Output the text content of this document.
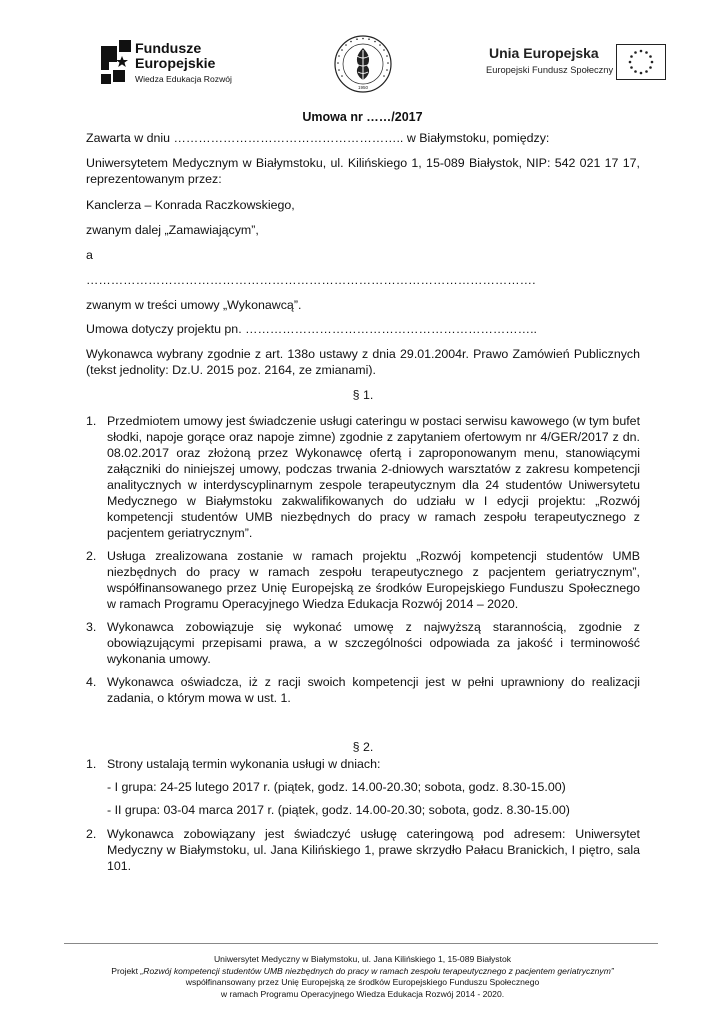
Fundusze
Europejskie
Wiedza Edukacja Rozwój
1950
Unia Europejska
Europejski Fundusz Społeczny
Umowa nr ……/2017
Zawarta w dniu ……………………………………………….. w Białymstoku, pomiędzy:
Uniwersytetem Medycznym w Białymstoku, ul. Kilińskiego 1, 15-089 Białystok, NIP: 542 021 17 17, reprezentowanym przez:
Kanclerza – Konrada Raczkowskiego,
zwanym dalej „Zamawiającym”,
a
……………………………………………………………………………………………….
zwanym w treści umowy „Wykonawcą”.
Umowa dotyczy projektu pn. ……………………………………………………………..
Wykonawca wybrany zgodnie z art. 138o ustawy z dnia 29.01.2004r. Prawo Zamówień Publicznych (tekst jednolity: Dz.U. 2015 poz. 2164, ze zmianami).
§ 1.
1. Przedmiotem umowy jest świadczenie usługi cateringu w postaci serwisu kawowego (w tym bufet słodki, napoje gorące oraz napoje zimne) zgodnie z zapytaniem ofertowym nr 4/GER/2017 z dn. 08.02.2017 oraz złożoną przez Wykonawcę ofertą i zaproponowanym menu, stanowiącymi załączniki do niniejszej umowy, podczas trwania 2-dniowych warsztatów z zakresu kompetencji analitycznych w interdyscyplinarnym zespole terapeutycznym dla 24 studentów Uniwersytetu Medycznego w Białymstoku zakwalifikowanych do udziału w I edycji projektu: „Rozwój kompetencji studentów UMB niezbędnych do pracy w ramach zespołu terapeutycznego z pacjentem geriatrycznym”.
2. Usługa zrealizowana zostanie w ramach projektu „Rozwój kompetencji studentów UMB niezbędnych do pracy w ramach zespołu terapeutycznego z pacjentem geriatrycznym”, współfinansowanego przez Unię Europejską ze środków Europejskiego Funduszu Społecznego w ramach Programu Operacyjnego Wiedza Edukacja Rozwój 2014 – 2020.
3. Wykonawca zobowiązuje się wykonać umowę z najwyższą starannością, zgodnie z obowiązującymi przepisami prawa, a w szczególności odpowiada za jakość i terminowość wykonania umowy.
4. Wykonawca oświadcza, iż z racji swoich kompetencji jest w pełni uprawniony do realizacji zadania, o którym mowa w ust. 1.
§ 2.
1. Strony ustalają termin wykonania usługi w dniach:
- I grupa: 24-25 lutego 2017 r. (piątek, godz. 14.00-20.30; sobota, godz. 8.30-15.00)
- II grupa: 03-04 marca 2017 r. (piątek, godz. 14.00-20.30; sobota, godz. 8.30-15.00)
2. Wykonawca zobowiązany jest świadczyć usługę cateringową pod adresem: Uniwersytet Medyczny w Białymstoku, ul. Jana Kilińskiego 1, prawe skrzydło Pałacu Branickich, I piętro, sala 101.
Uniwersytet Medyczny w Białymstoku, ul. Jana Kilińskiego 1, 15-089 Białystok
Projekt „Rozwój kompetencji studentów UMB niezbędnych do pracy w ramach zespołu terapeutycznego z pacjentem geriatrycznym”
współfinansowany przez Unię Europejską ze środków Europejskiego Funduszu Społecznego
w ramach Programu Operacyjnego Wiedza Edukacja Rozwój 2014 - 2020.
